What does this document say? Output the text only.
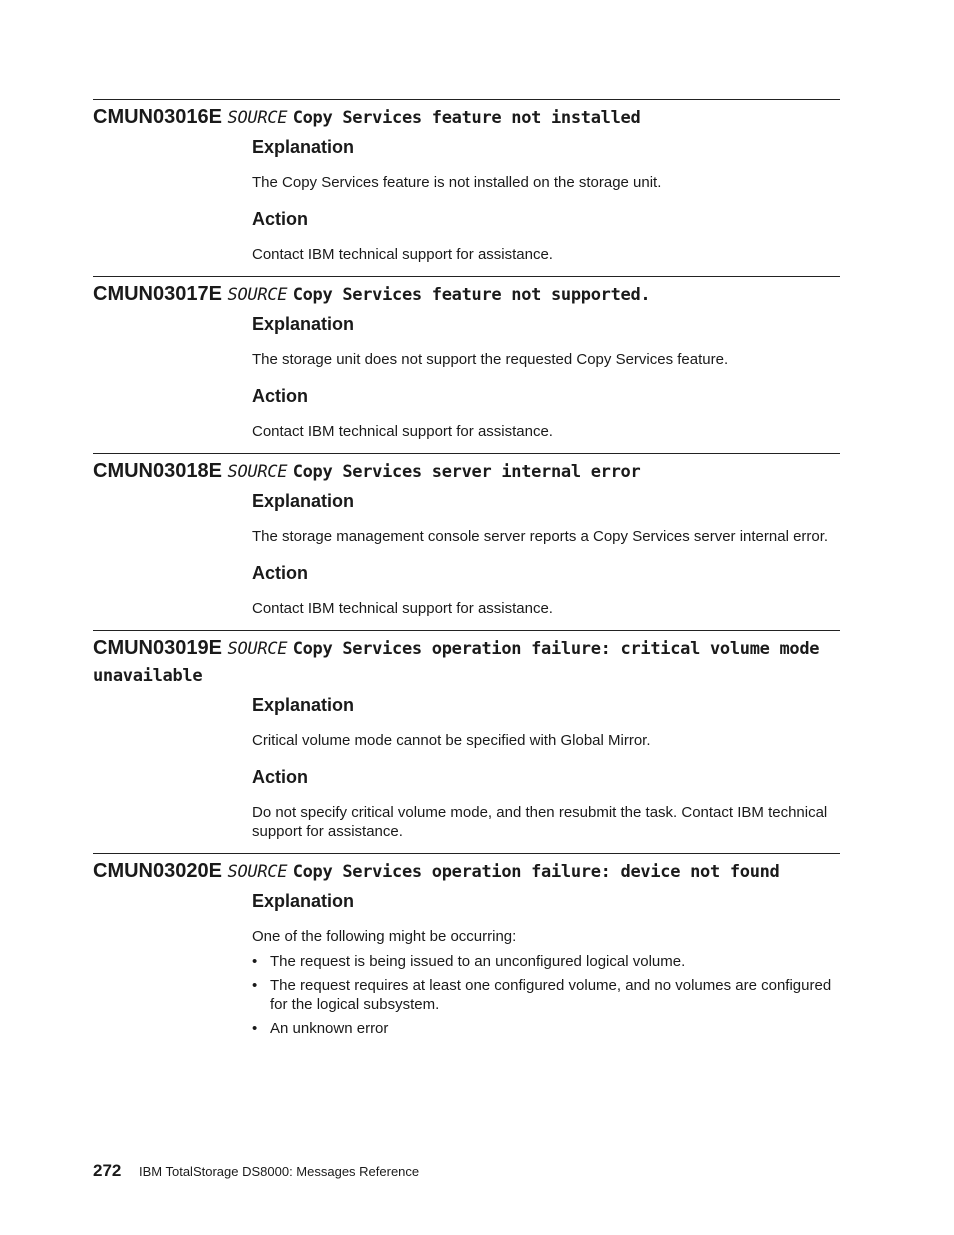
CMUN03016E SOURCE Copy Services feature not installed
Explanation

The Copy Services feature is not installed on the storage unit.

Action

Contact IBM technical support for assistance.

CMUN03017E SOURCE Copy Services feature not supported.
Explanation

The storage unit does not support the requested Copy Services feature.

Action

Contact IBM technical support for assistance.

CMUN03018E SOURCE Copy Services server internal error
Explanation

The storage management console server reports a Copy Services server internal error.

Action

Contact IBM technical support for assistance.

CMUN03019E SOURCE Copy Services operation failure: critical volume mode unavailable
Explanation

Critical volume mode cannot be specified with Global Mirror.

Action

Do not specify critical volume mode, and then resubmit the task. Contact IBM technical support for assistance.

CMUN03020E SOURCE Copy Services operation failure: device not found
Explanation

One of the following might be occurring:

• The request is being issued to an unconfigured logical volume.
• The request requires at least one configured volume, and no volumes are configured for the logical subsystem.
• An unknown error
272 IBM TotalStorage DS8000: Messages Reference
